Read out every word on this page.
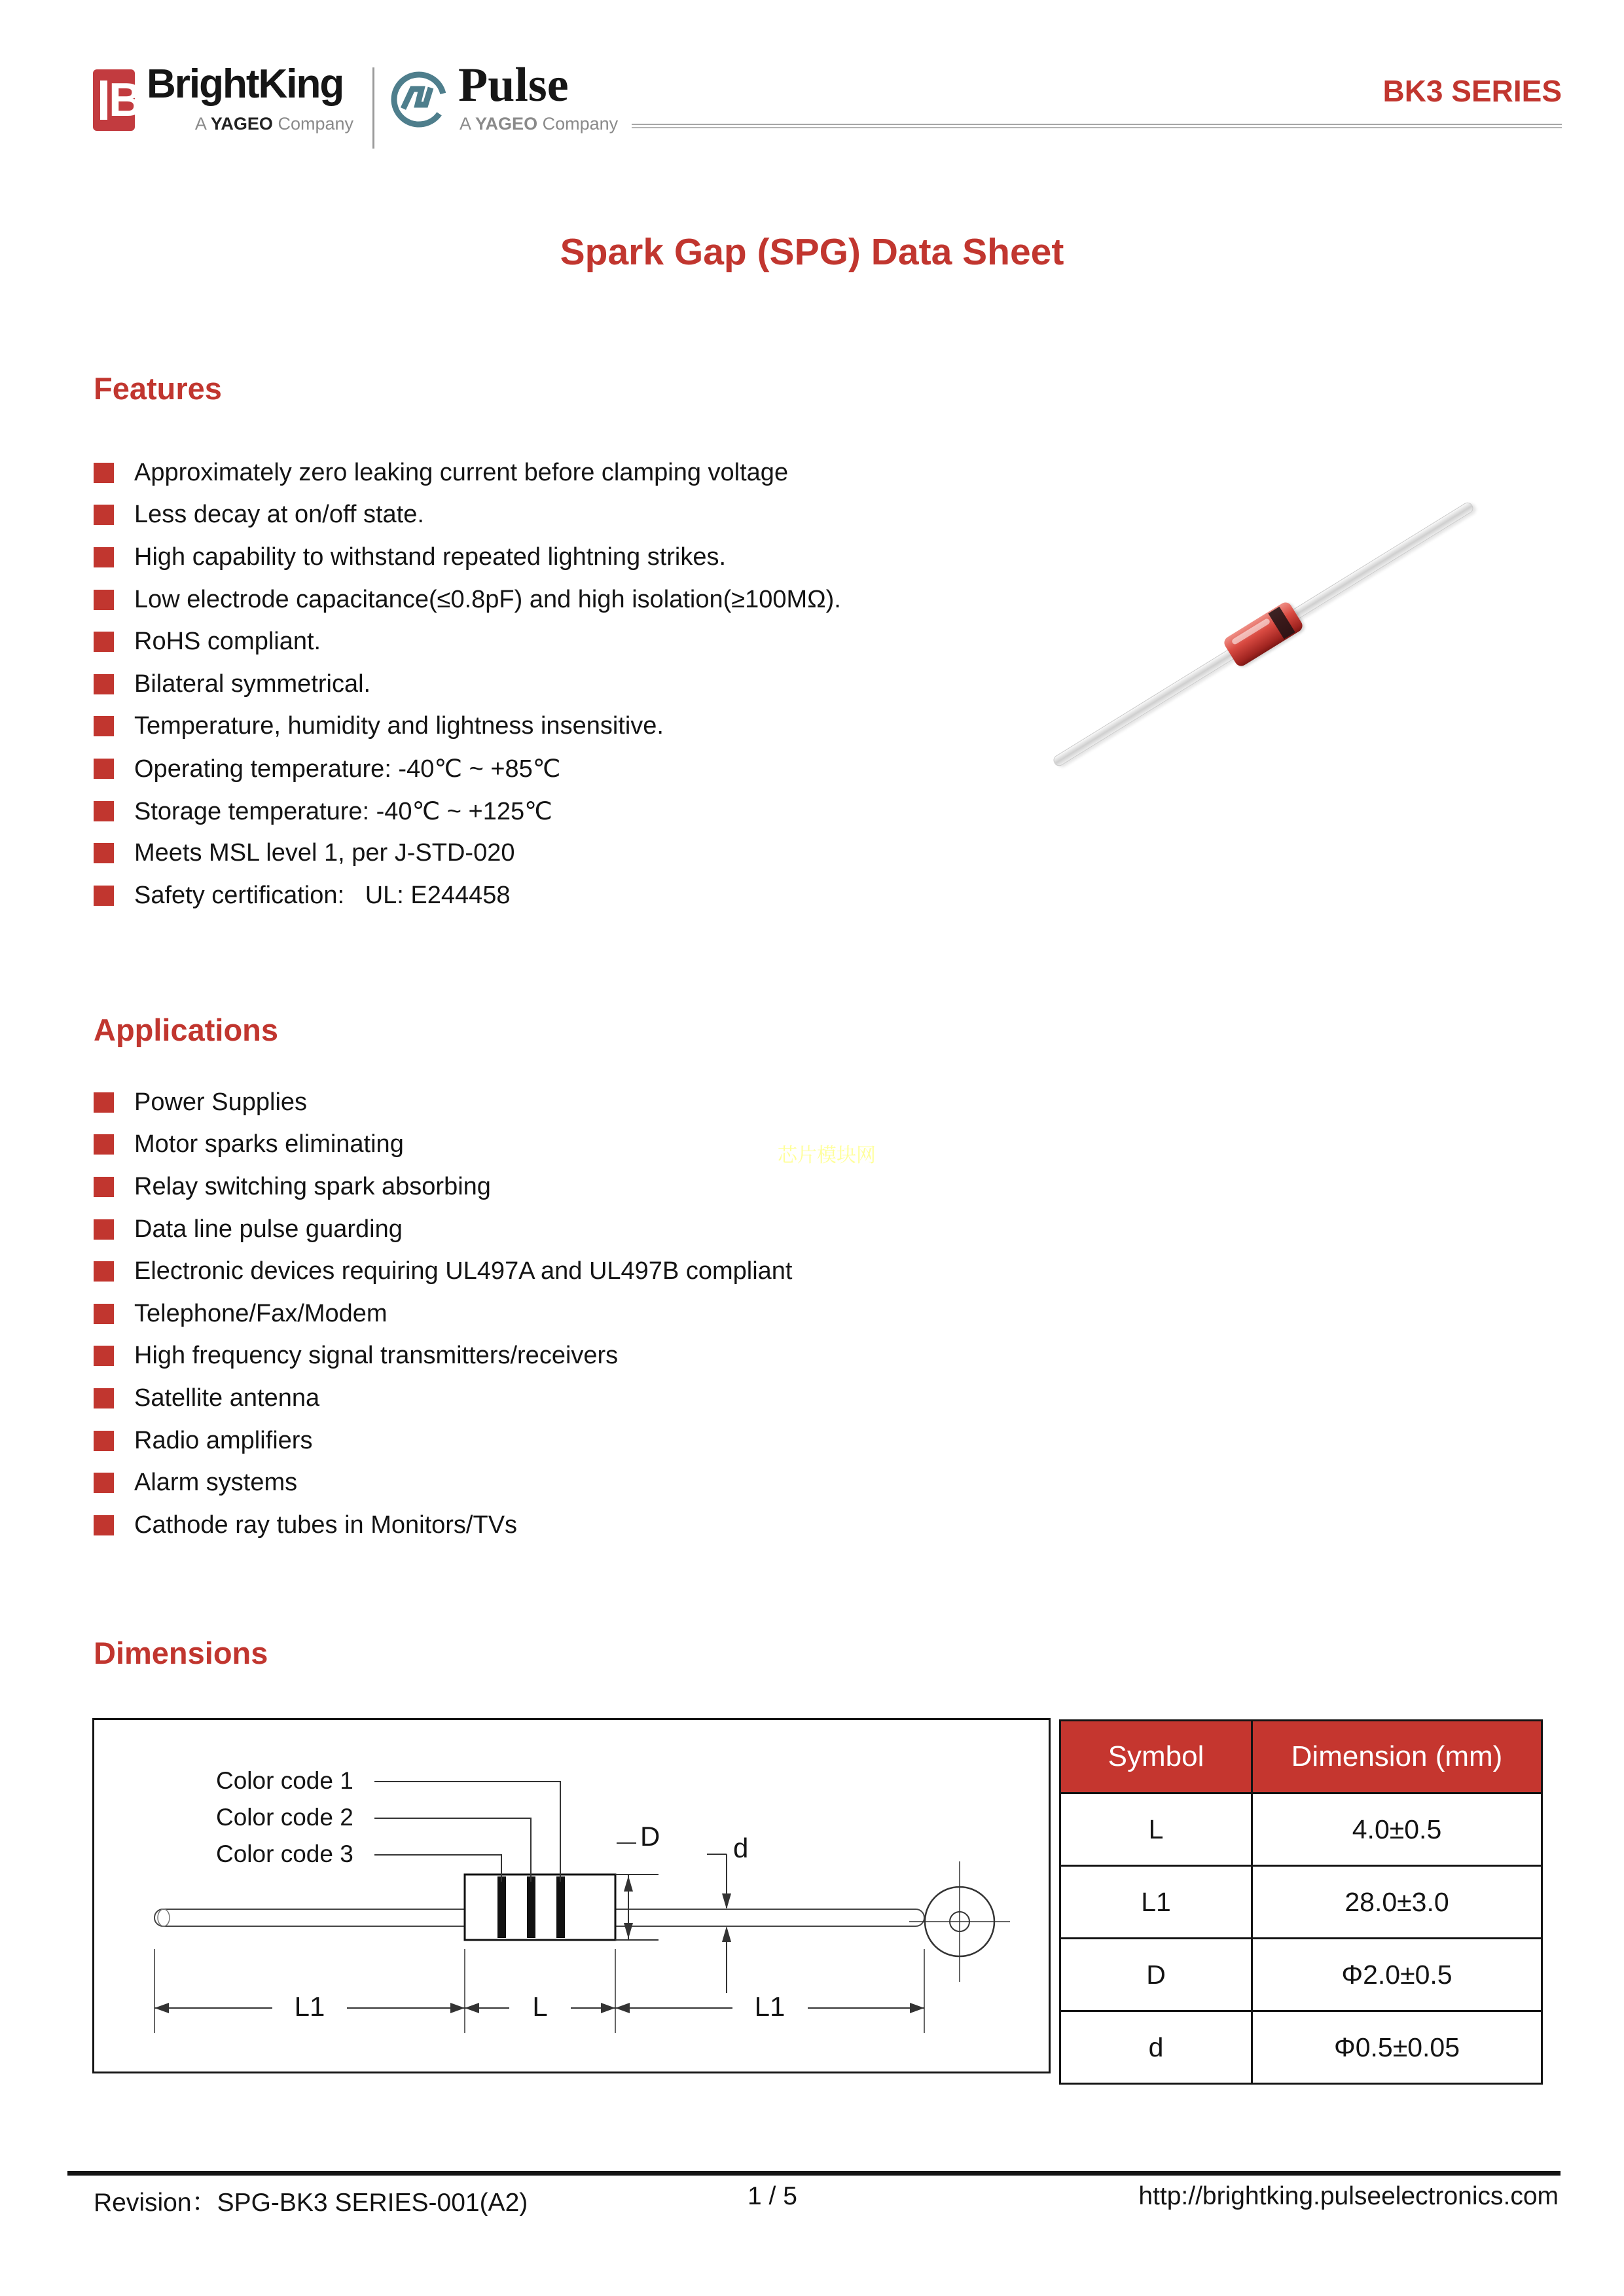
B BrightKing
A YAGEO Company
Pulse
A YAGEO Company
BK3 SERIES
Spark Gap (SPG) Data Sheet
Features
Approximately zero leaking current before clamping voltage
Less decay at on/off state.
High capability to withstand repeated lightning strikes.
Low electrode capacitance(≤0.8pF) and high isolation(≥100MΩ).
RoHS compliant.
Bilateral symmetrical.
Temperature, humidity and lightness insensitive.
Operating temperature: -40℃ ~ +85℃
Storage temperature: -40℃ ~ +125℃
Meets MSL level 1, per J-STD-020
Safety certification:   UL: E244458
Applications
Power Supplies
Motor sparks eliminating
Relay switching spark absorbing
Data line pulse guarding
Electronic devices requiring UL497A and UL497B compliant
Telephone/Fax/Modem
High frequency signal transmitters/receivers
Satellite antenna
Radio amplifiers
Alarm systems
Cathode ray tubes in Monitors/TVs
芯片模块网
Dimensions
Color code 1
Color code 2
Color code 3
D	d
L1	L	L1
Symbol	Dimension (mm)
L	4.0±0.5
L1	28.0±3.0
D	Φ2.0±0.5
d	Φ0.5±0.05
Revision：SPG-BK3 SERIES-001(A2)	1 / 5	http://brightking.pulseelectronics.com
